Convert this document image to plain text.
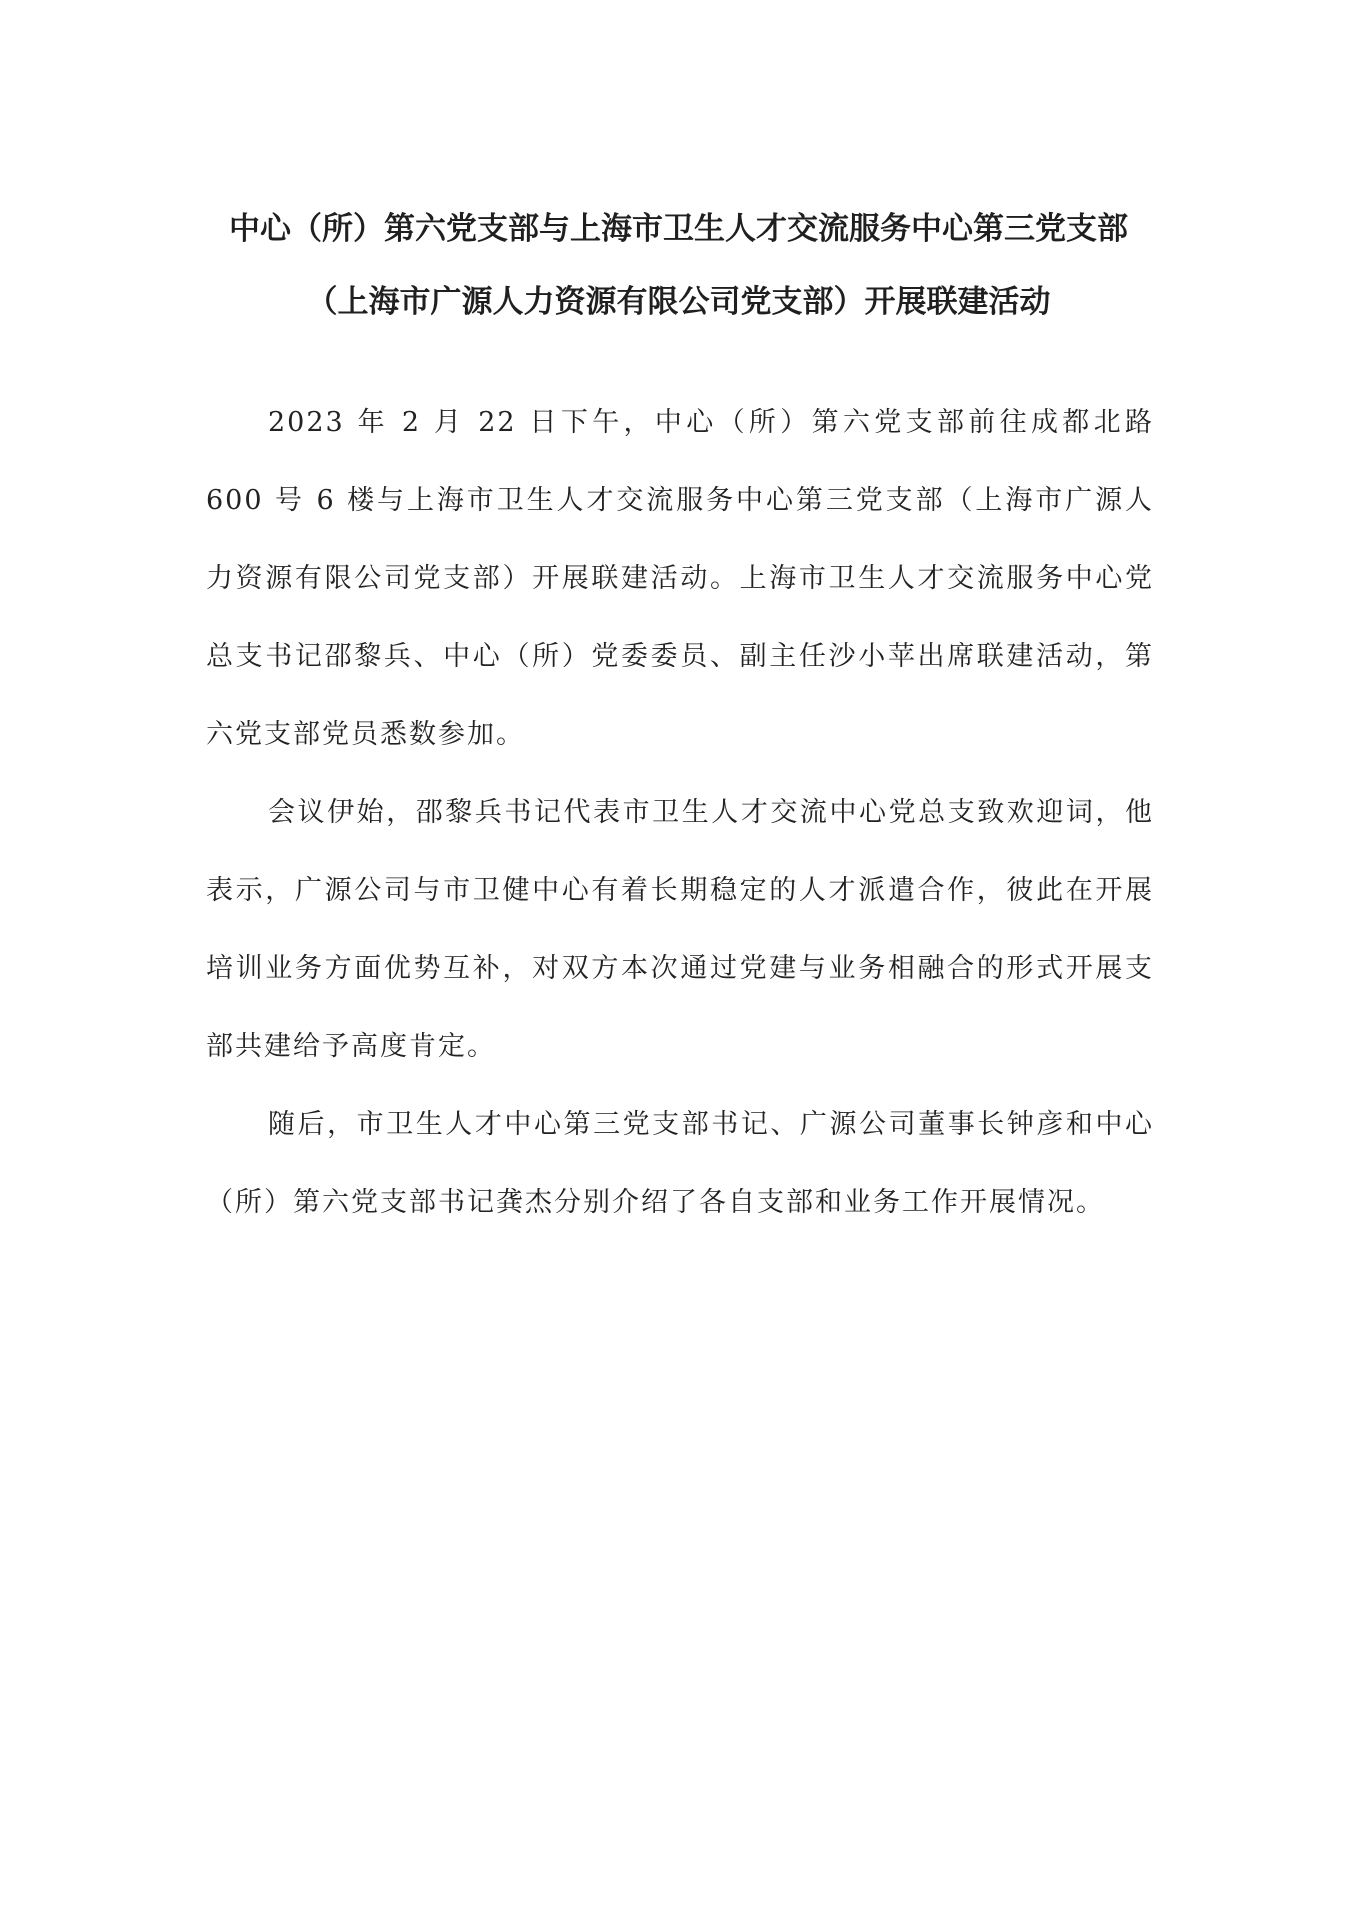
中心（所）第六党支部与上海市卫生人才交流服务中心第三党支部
（上海市广源人力资源有限公司党支部）开展联建活动

2023 年 2 月 22 日下午，中心（所）第六党支部前往成都北路 600 号 6 楼与上海市卫生人才交流服务中心第三党支部（上海市广源人力资源有限公司党支部）开展联建活动。上海市卫生人才交流服务中心党总支书记邵黎兵、中心（所）党委委员、副主任沙小苹出席联建活动，第六党支部党员悉数参加。

会议伊始，邵黎兵书记代表市卫生人才交流中心党总支致欢迎词，他表示，广源公司与市卫健中心有着长期稳定的人才派遣合作，彼此在开展培训业务方面优势互补，对双方本次通过党建与业务相融合的形式开展支部共建给予高度肯定。

随后，市卫生人才中心第三党支部书记、广源公司董事长钟彦和中心（所）第六党支部书记龚杰分别介绍了各自支部和业务工作开展情况。
